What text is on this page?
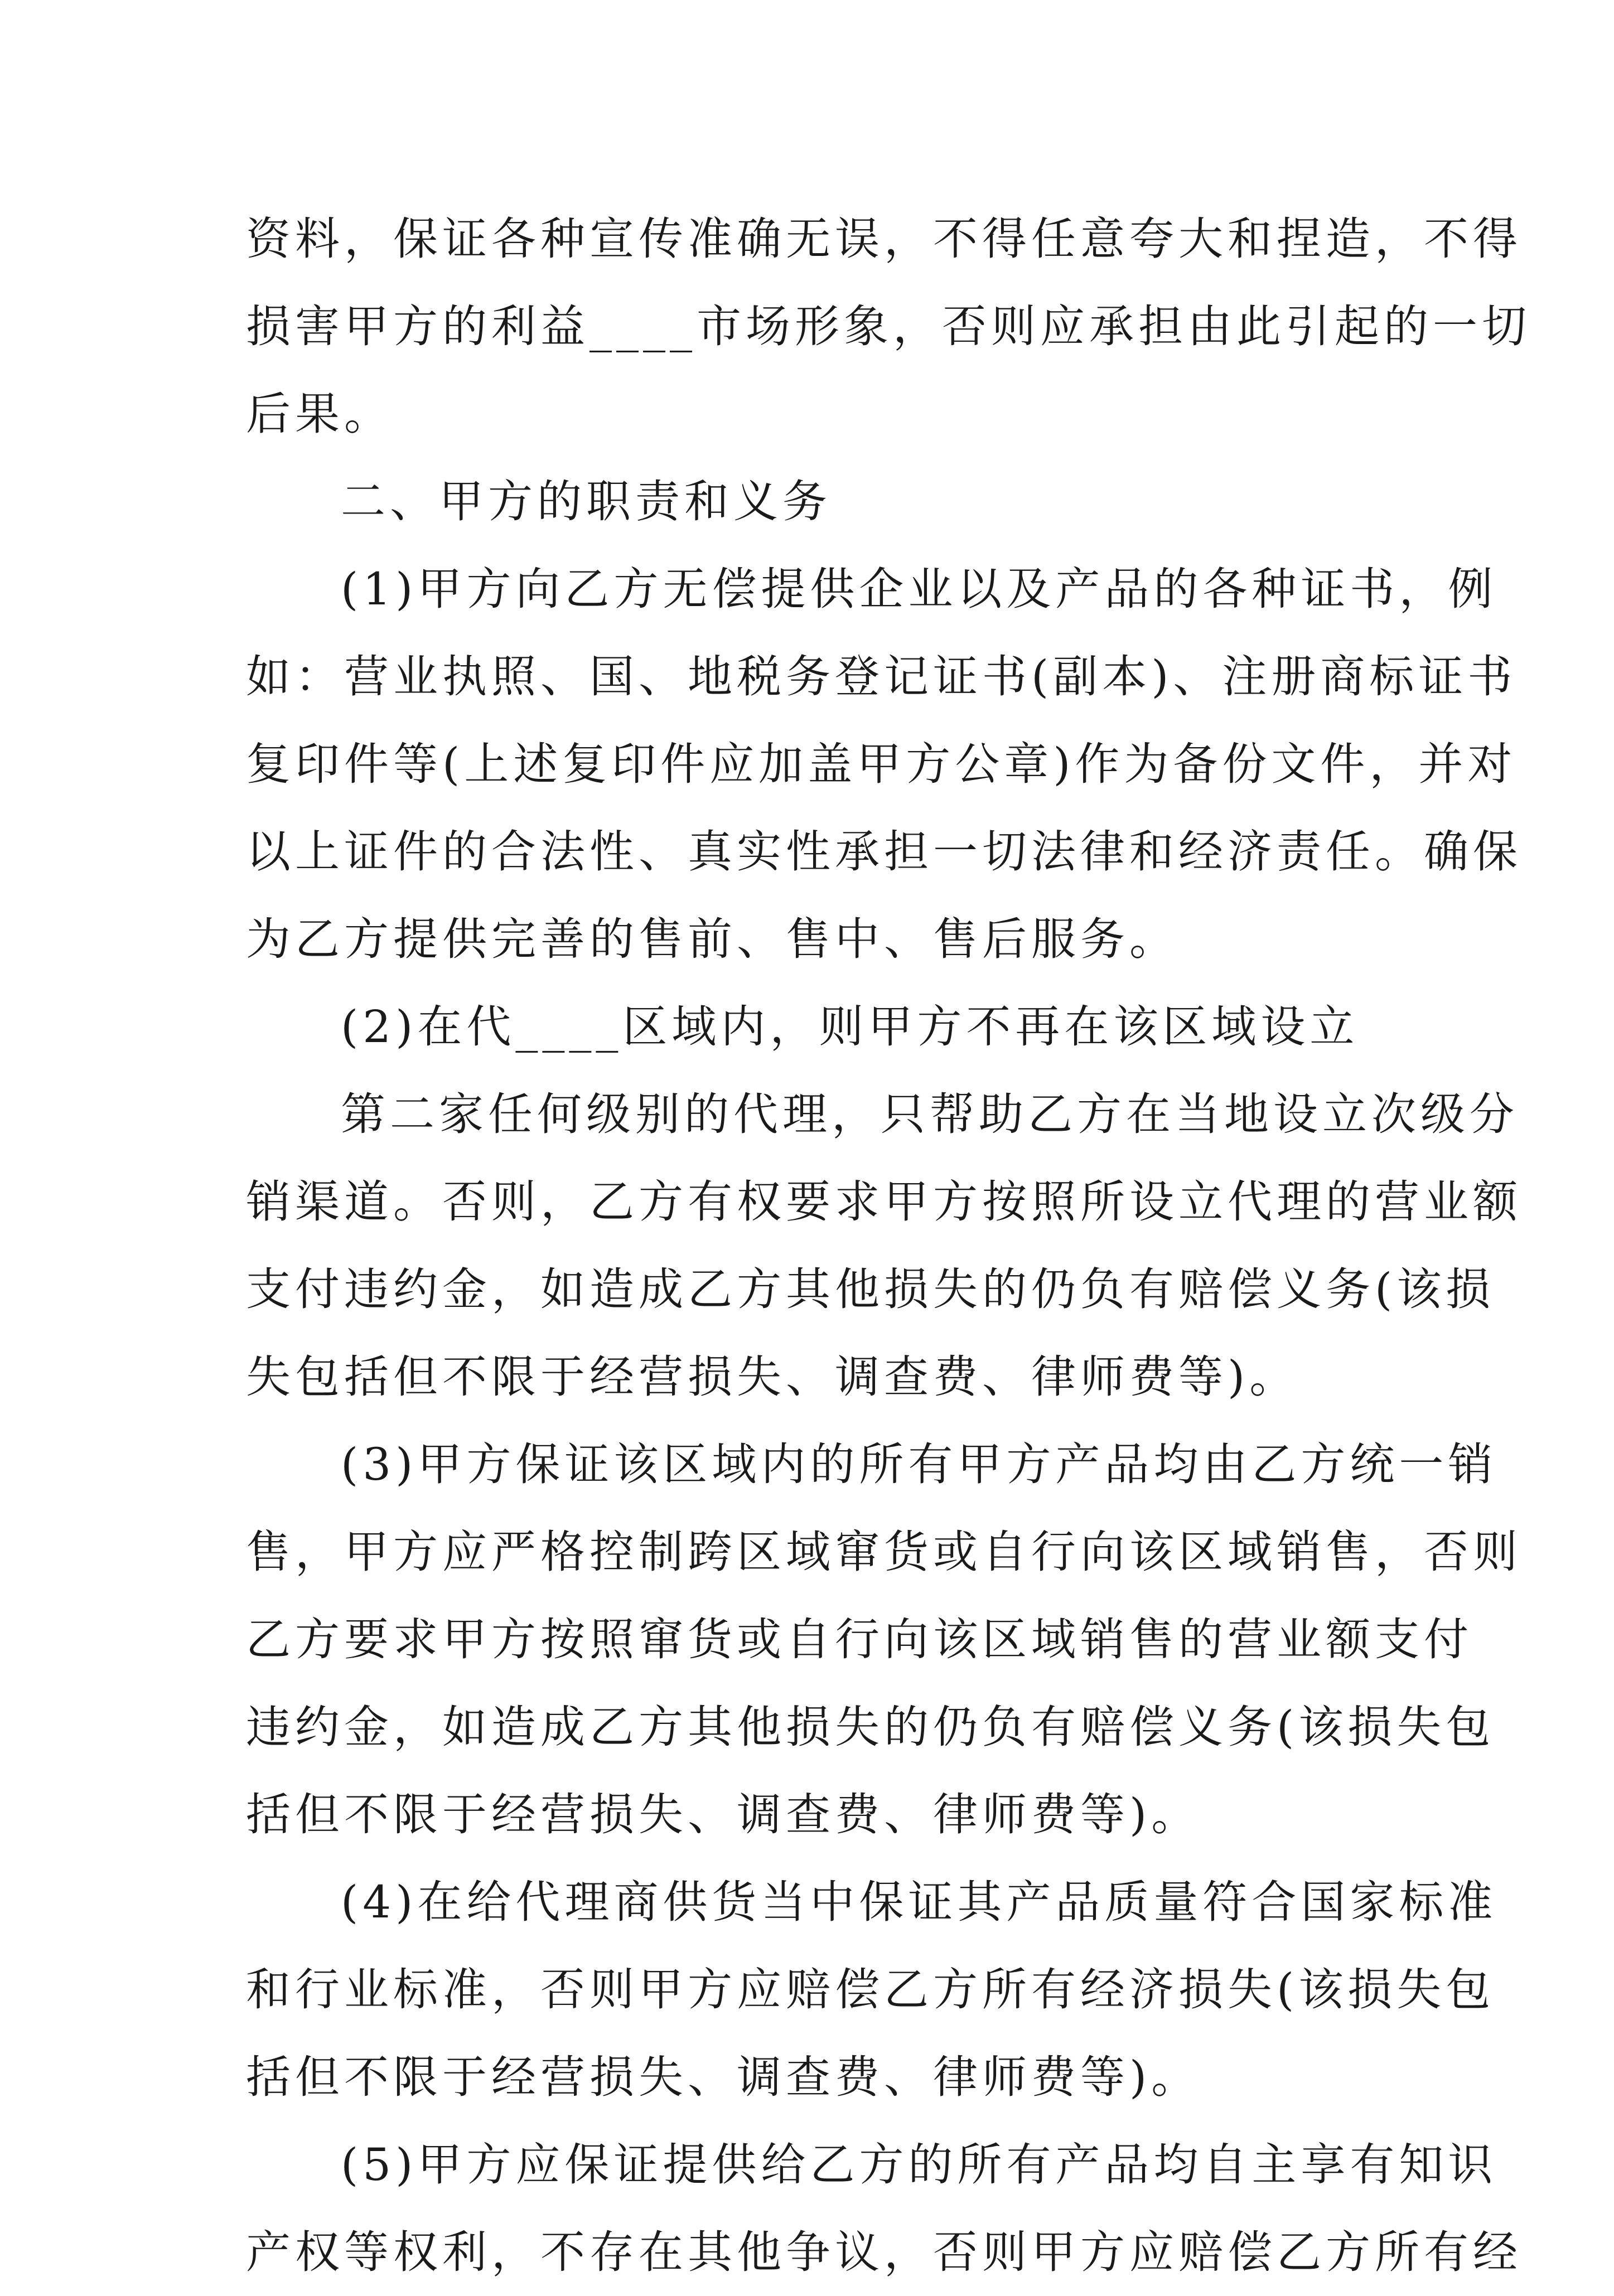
资料，保证各种宣传准确无误，不得任意夸大和捏造，不得
损害甲方的利益____市场形象，否则应承担由此引起的一切
后果。
二、甲方的职责和义务
(1)甲方向乙方无偿提供企业以及产品的各种证书，例
如：营业执照、国、地税务登记证书(副本)、注册商标证书
复印件等(上述复印件应加盖甲方公章)作为备份文件，并对
以上证件的合法性、真实性承担一切法律和经济责任。确保
为乙方提供完善的售前、售中、售后服务。
(2)在代____区域内，则甲方不再在该区域设立
第二家任何级别的代理，只帮助乙方在当地设立次级分
销渠道。否则，乙方有权要求甲方按照所设立代理的营业额
支付违约金，如造成乙方其他损失的仍负有赔偿义务(该损
失包括但不限于经营损失、调查费、律师费等)。
(3)甲方保证该区域内的所有甲方产品均由乙方统一销
售，甲方应严格控制跨区域窜货或自行向该区域销售，否则
乙方要求甲方按照窜货或自行向该区域销售的营业额支付
违约金，如造成乙方其他损失的仍负有赔偿义务(该损失包
括但不限于经营损失、调查费、律师费等)。
(4)在给代理商供货当中保证其产品质量符合国家标准
和行业标准，否则甲方应赔偿乙方所有经济损失(该损失包
括但不限于经营损失、调查费、律师费等)。
(5)甲方应保证提供给乙方的所有产品均自主享有知识
产权等权利，不存在其他争议，否则甲方应赔偿乙方所有经
